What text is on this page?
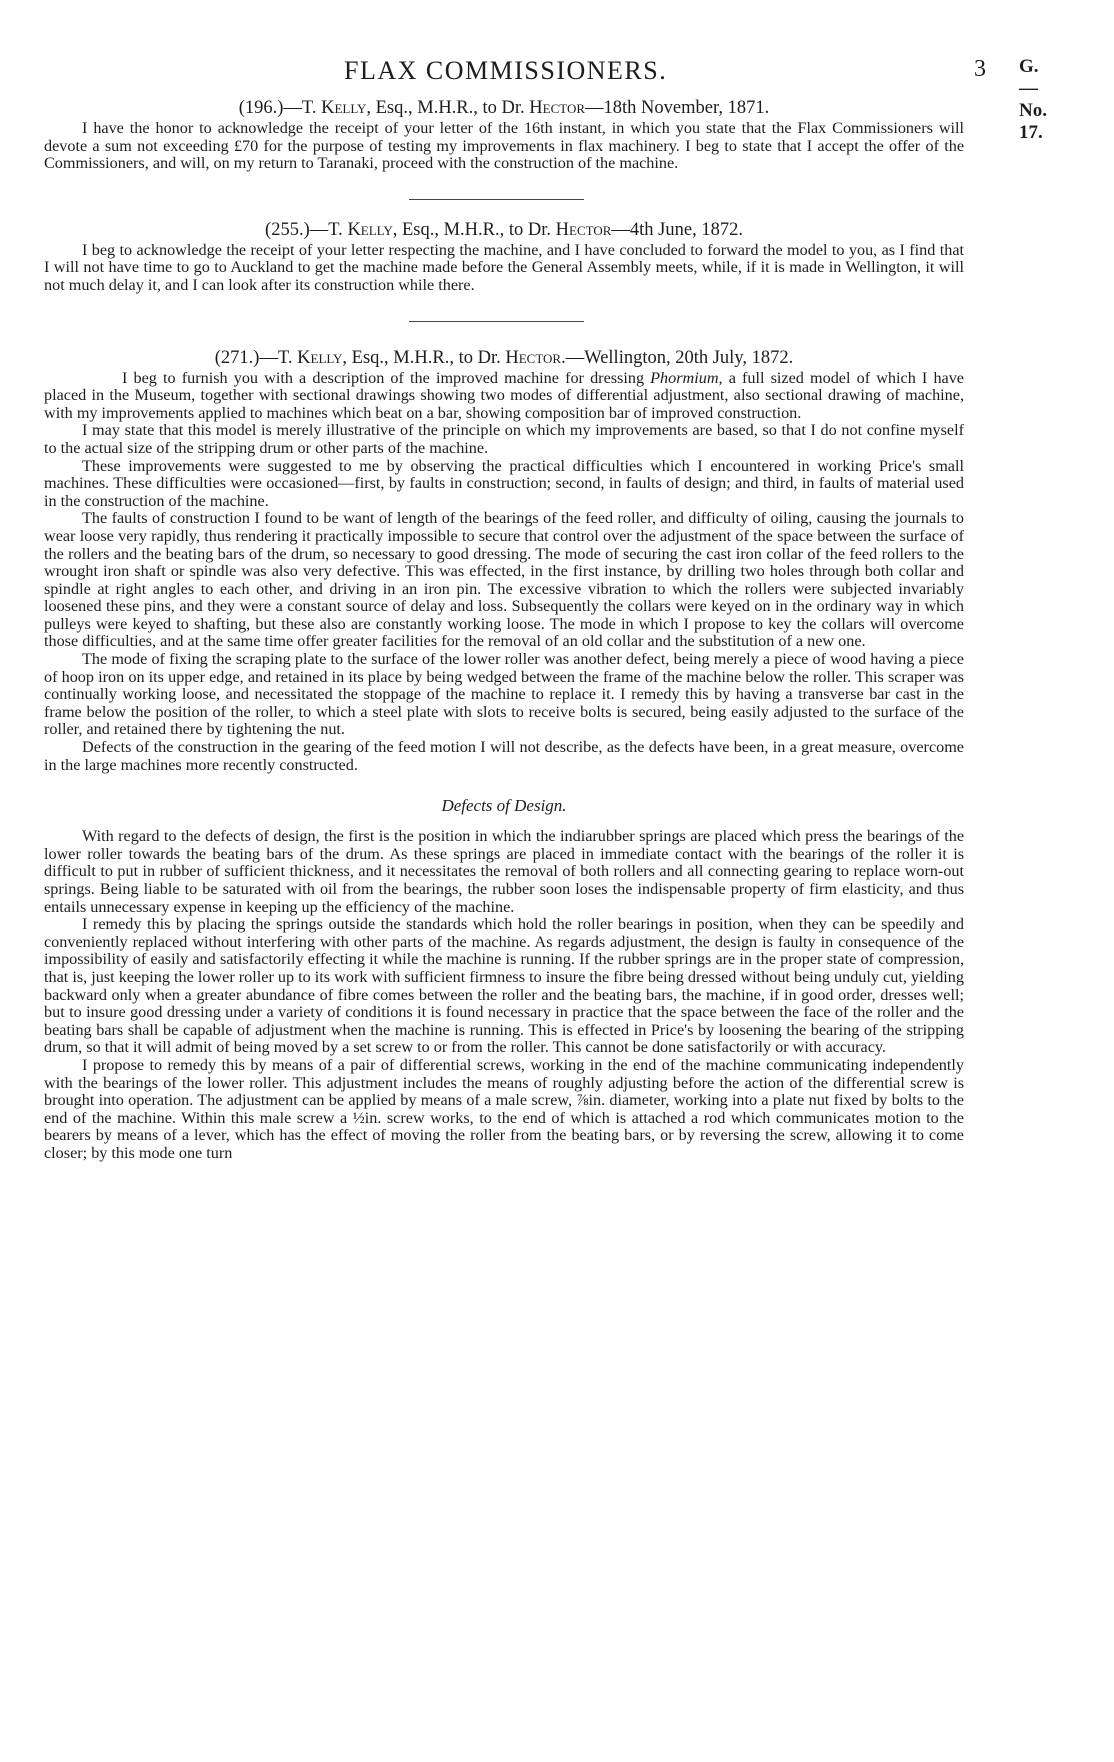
FLAX COMMISSIONERS.	3 G.—No. 17.
(196.)—T. Kelly, Esq., M.H.R., to Dr. Hector—18th November, 1871.

I have the honor to acknowledge the receipt of your letter of the 16th instant, in which you state that the Flax Commissioners will devote a sum not exceeding £70 for the purpose of testing my improvements in flax machinery. I beg to state that I accept the offer of the Commissioners, and will, on my return to Taranaki, proceed with the construction of the machine.

(255.)—T. Kelly, Esq., M.H.R., to Dr. Hector—4th June, 1872.

I beg to acknowledge the receipt of your letter respecting the machine, and I have concluded to forward the model to you, as I find that I will not have time to go to Auckland to get the machine made before the General Assembly meets, while, if it is made in Wellington, it will not much delay it, and I can look after its construction while there.

(271.)—T. Kelly, Esq., M.H.R., to Dr. Hector.—Wellington, 20th July, 1872.

I beg to furnish you with a description of the improved machine for dressing Phormium, a full sized model of which I have placed in the Museum, together with sectional drawings showing two modes of differential adjustment, also sectional drawing of machine, with my improvements applied to machines which beat on a bar, showing composition bar of improved construction.

I may state that this model is merely illustrative of the principle on which my improvements are based, so that I do not confine myself to the actual size of the stripping drum or other parts of the machine.

These improvements were suggested to me by observing the practical difficulties which I encountered in working Price's small machines. These difficulties were occasioned—first, by faults in construction; second, in faults of design; and third, in faults of material used in the construction of the machine.

The faults of construction I found to be want of length of the bearings of the feed roller, and difficulty of oiling, causing the journals to wear loose very rapidly, thus rendering it practically impossible to secure that control over the adjustment of the space between the surface of the rollers and the beating bars of the drum, so necessary to good dressing. The mode of securing the cast iron collar of the feed rollers to the wrought iron shaft or spindle was also very defective. This was effected, in the first instance, by drilling two holes through both collar and spindle at right angles to each other, and driving in an iron pin. The excessive vibration to which the rollers were subjected invariably loosened these pins, and they were a constant source of delay and loss. Subsequently the collars were keyed on in the ordinary way in which pulleys were keyed to shafting, but these also are constantly working loose. The mode in which I propose to key the collars will overcome those difficulties, and at the same time offer greater facilities for the removal of an old collar and the substitution of a new one.

The mode of fixing the scraping plate to the surface of the lower roller was another defect, being merely a piece of wood having a piece of hoop iron on its upper edge, and retained in its place by being wedged between the frame of the machine below the roller. This scraper was continually working loose, and necessitated the stoppage of the machine to replace it. I remedy this by having a transverse bar cast in the frame below the position of the roller, to which a steel plate with slots to receive bolts is secured, being easily adjusted to the surface of the roller, and retained there by tightening the nut.

Defects of the construction in the gearing of the feed motion I will not describe, as the defects have been, in a great measure, overcome in the large machines more recently constructed.

Defects of Design.

With regard to the defects of design, the first is the position in which the indiarubber springs are placed which press the bearings of the lower roller towards the beating bars of the drum. As these springs are placed in immediate contact with the bearings of the roller it is difficult to put in rubber of sufficient thickness, and it necessitates the removal of both rollers and all connecting gearing to replace worn-out springs. Being liable to be saturated with oil from the bearings, the rubber soon loses the indispensable property of firm elasticity, and thus entails unnecessary expense in keeping up the efficiency of the machine.

I remedy this by placing the springs outside the standards which hold the roller bearings in position, when they can be speedily and conveniently replaced without interfering with other parts of the machine. As regards adjustment, the design is faulty in consequence of the impossibility of easily and satisfactorily effecting it while the machine is running. If the rubber springs are in the proper state of compression, that is, just keeping the lower roller up to its work with sufficient firmness to insure the fibre being dressed without being unduly cut, yielding backward only when a greater abundance of fibre comes between the roller and the beating bars, the machine, if in good order, dresses well; but to insure good dressing under a variety of conditions it is found necessary in practice that the space between the face of the roller and the beating bars shall be capable of adjustment when the machine is running. This is effected in Price's by loosening the bearing of the stripping drum, so that it will admit of being moved by a set screw to or from the roller. This cannot be done satisfactorily or with accuracy.

I propose to remedy this by means of a pair of differential screws, working in the end of the machine communicating independently with the bearings of the lower roller. This adjustment includes the means of roughly adjusting before the action of the differential screw is brought into operation. The adjustment can be applied by means of a male screw, ⅞in. diameter, working into a plate nut fixed by bolts to the end of the machine. Within this male screw a ½in. screw works, to the end of which is attached a rod which communicates motion to the bearers by means of a lever, which has the effect of moving the roller from the beating bars, or by reversing the screw, allowing it to come closer; by this mode one turn
